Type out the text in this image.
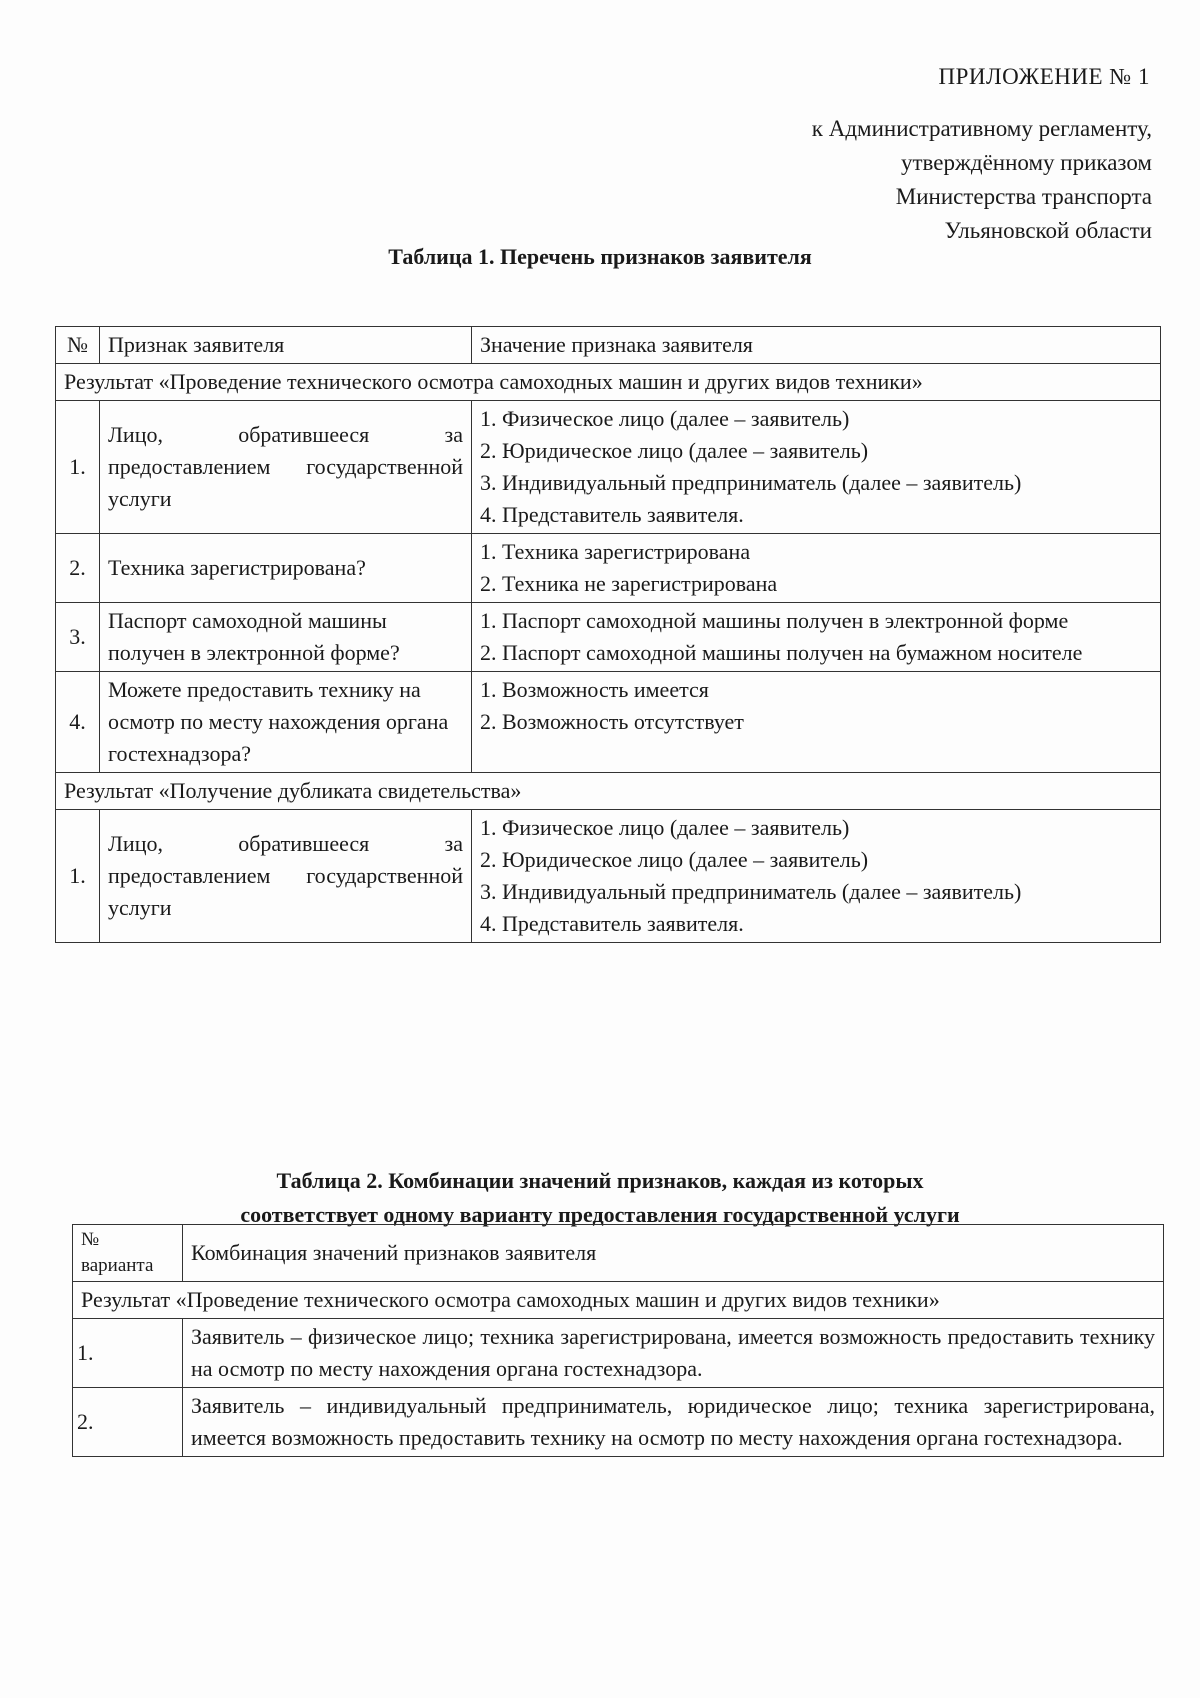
ПРИЛОЖЕНИЕ № 1
к Административному регламенту,
утверждённому приказом
Министерства транспорта
Ульяновской области
Таблица 1. Перечень признаков заявителя
№	Признак заявителя	Значение признака заявителя
Результат «Проведение технического осмотра самоходных машин и других видов техники»		
1.	Лицо, обратившееся за предоставлением государственной услуги	1. Физическое лицо (далее – заявитель)
2. Юридическое лицо (далее – заявитель)
3. Индивидуальный предприниматель (далее – заявитель)
4. Представитель заявителя.

2.	Техника зарегистрирована?	1. Техника зарегистрирована
2. Техника не зарегистрирована

3.	Паспорт самоходной машины получен в электронной форме?	1. Паспорт самоходной машины получен в электронной форме
2. Паспорт самоходной машины получен на бумажном носителе

4.	Можете предоставить технику на осмотр по месту нахождения органа гостехнадзора?	1. Возможность имеется
2. Возможность отсутствует

Результат «Получение дубликата свидетельства»		
1.	Лицо, обратившееся за предоставлением государственной услуги	1. Физическое лицо (далее – заявитель)
2. Юридическое лицо (далее – заявитель)
3. Индивидуальный предприниматель (далее – заявитель)
4. Представитель заявителя.
Таблица 2. Комбинации значений признаков, каждая из которых
соответствует одному варианту предоставления государственной услуги
№ варианта	Комбинация значений признаков заявителя
Результат «Проведение технического осмотра самоходных машин и других видов техники»	
1.	Заявитель – физическое лицо; техника зарегистрирована, имеется возможность предоставить технику на осмотр по месту нахождения органа гостехнадзора.
2.	Заявитель – индивидуальный предприниматель, юридическое лицо; техника зарегистрирована, имеется возможность предоставить технику на осмотр по месту нахождения органа гостехнадзора.
